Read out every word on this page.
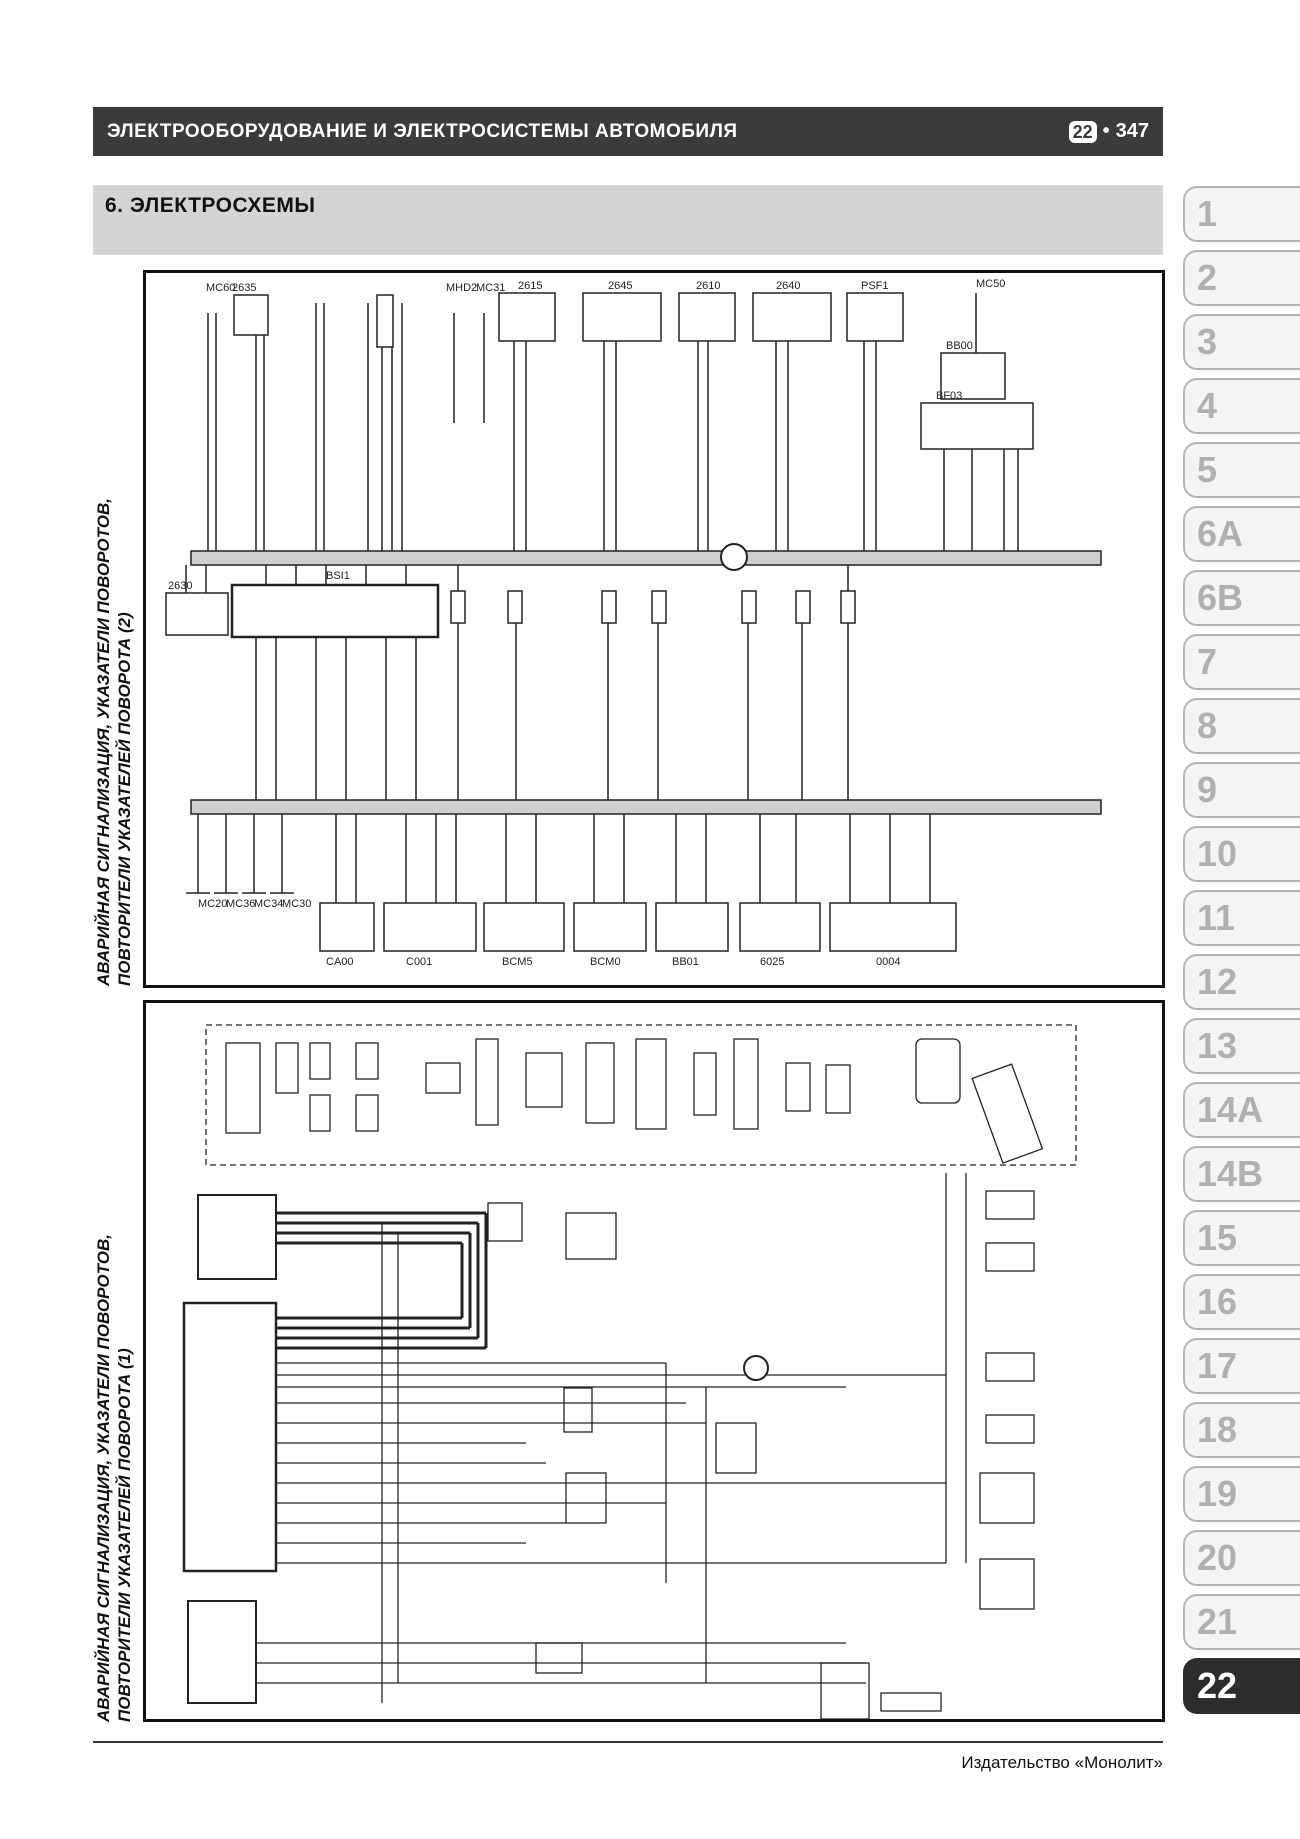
ЭЛЕКТРООБОРУДОВАНИЕ И ЭЛЕКТРОСИСТЕМЫ АВТОМОБИЛЯ	22 • 347
6. ЭЛЕКТРОСХЕМЫ
АВАРИЙНАЯ СИГНАЛИЗАЦИЯ, УКАЗАТЕЛИ ПОВОРОТОВ, ПОВТОРИТЕЛИ УКАЗАТЕЛЕЙ ПОВОРОТА (2)
АВАРИЙНАЯ СИГНАЛИЗАЦИЯ, УКАЗАТЕЛИ ПОВОРОТОВ, ПОВТОРИТЕЛИ УКАЗАТЕЛЕЙ ПОВОРОТА (1)
MC60
2635	MHD2
MC31 2615	2645	2610	2640	PSF1	MC50
BB00
BF03
2630
BSI1
MC20
MC36
MC34
MC30
CA00	C001	BCM5	BCM0	BB01	6025	0004
1
2
3
4
5
6A
6B
7
8
9
10
11
12
13
14A
14B
15
16
17
18
19
20
21
22
Издательство «Монолит»
